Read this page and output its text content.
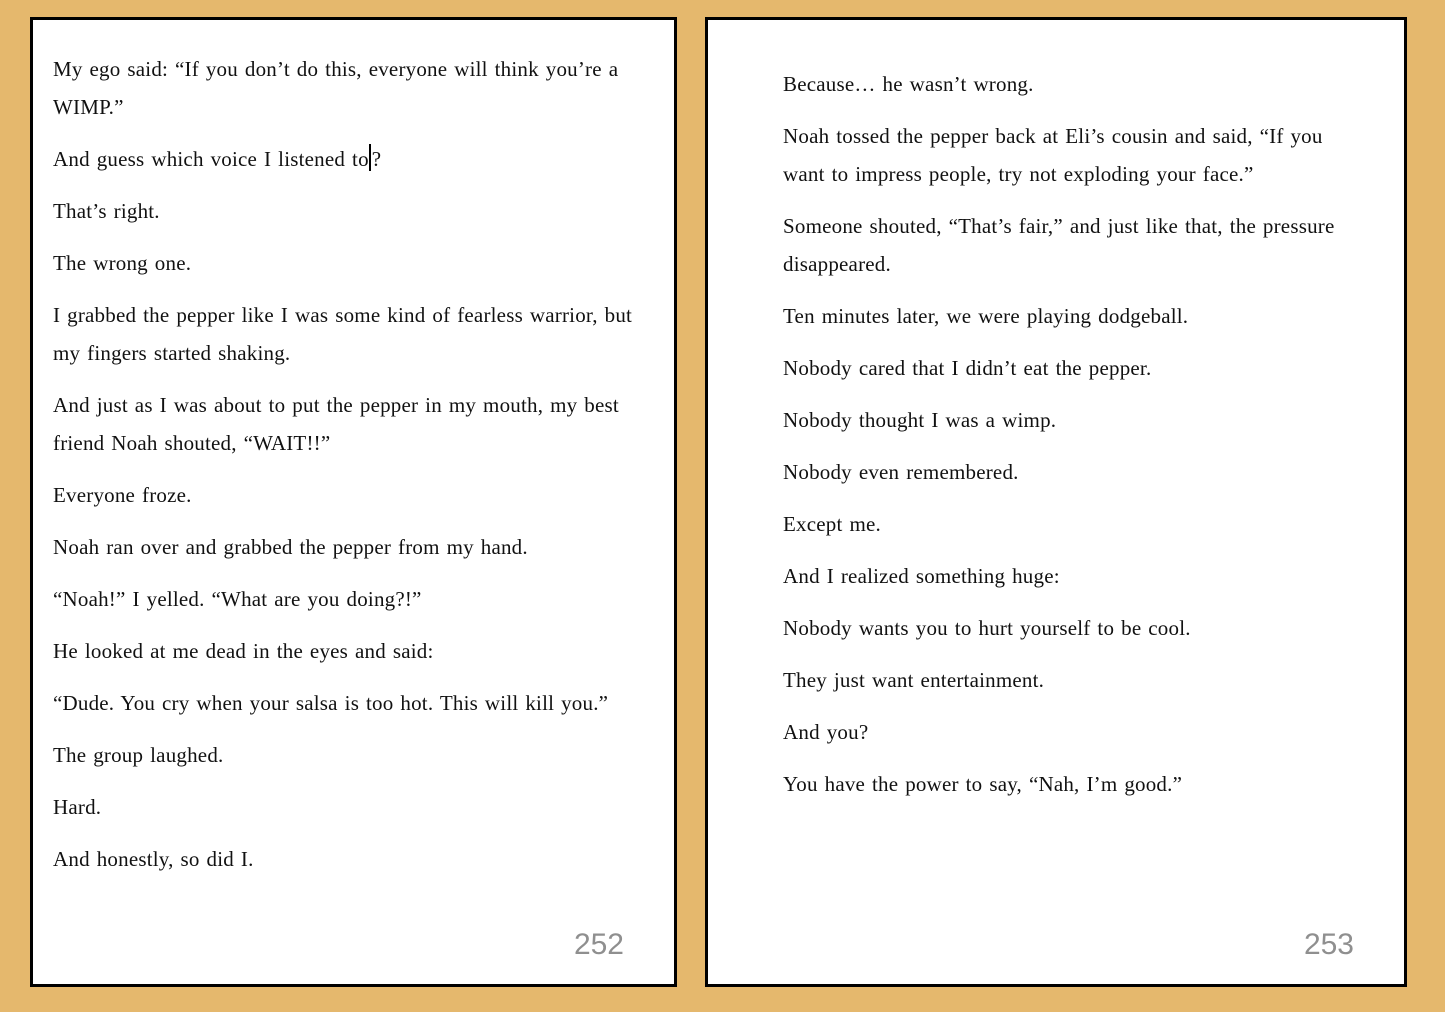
My ego said: “If you don’t do this, everyone will think you’re a WIMP.”

And guess which voice I listened to ?

That’s right.

The wrong one.

I grabbed the pepper like I was some kind of fearless warrior, but my fingers started shaking.

And just as I was about to put the pepper in my mouth, my best friend Noah shouted, “WAIT!!”

Everyone froze.

Noah ran over and grabbed the pepper from my hand.

“Noah!” I yelled. “What are you doing?!”

He looked at me dead in the eyes and said:

“Dude. You cry when your salsa is too hot. This will kill you.”

The group laughed.

Hard.

And honestly, so did I.

252

Because… he wasn’t wrong.

Noah tossed the pepper back at Eli’s cousin and said, “If you want to impress people, try not exploding your face.”

Someone shouted, “That’s fair,” and just like that, the pressure disappeared.

Ten minutes later, we were playing dodgeball.

Nobody cared that I didn’t eat the pepper.

Nobody thought I was a wimp.

Nobody even remembered.

Except me.

And I realized something huge:

Nobody wants you to hurt yourself to be cool.

They just want entertainment.

And you?

You have the power to say, “Nah, I’m good.”

253
